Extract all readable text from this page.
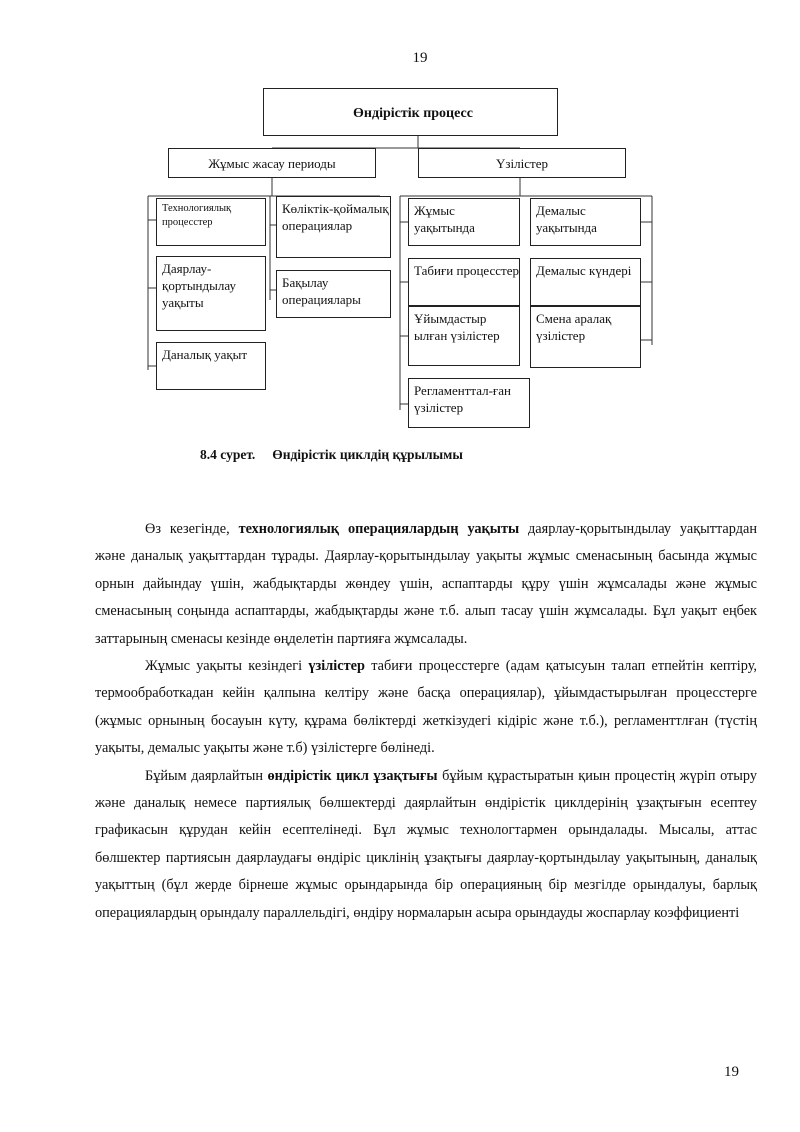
19
Өндірістік процесс
Жұмыс жасау периоды	Үзілістер
Технологиялық процесстер
Даярлау-қортындылау уақыты
Даналық уақыт
Көліктік-қоймалық операциялар
Бақылау операциялары
Жұмыс уақытында
Табиғи процесстер
Ұйымдастыр ылған үзілістер
Регламенттал-ған үзілістер
Демалыс уақытында
Демалыс күндері
Смена аралақ үзілістер
8.4 сурет. Өндірістік циклдің құрылымы

Өз кезегінде, технологиялық операциялардың уақыты даярлау-қорытындылау уақыттардан және даналық уақыттардан тұрады. Даярлау-қорытындылау уақыты жұмыс сменасының басында жұмыс орнын дайындау үшін, жабдықтарды жөндеу үшін, аспаптарды құру үшін жұмсалады және жұмыс сменасының соңында аспаптарды, жабдықтарды және т.б. алып тасау үшін жұмсалады. Бұл уақыт еңбек заттарының сменасы кезінде өңделетін партияға жұмсалады.

Жұмыс уақыты кезіндегі үзілістер табиғи процесстерге (адам қатысуын талап етпейтін кептіру, термообработкадан кейін қалпына келтіру және басқа операциялар), ұйымдастырылған процесстерге (жұмыс орнының босауын күту, құрама бөліктерді жеткізудегі кідіріс және т.б.), регламенттлған (түстің уақыты, демалыс уақыты және т.б) үзілістерге бөлінеді.

Бұйым даярлайтын өндірістік цикл ұзақтығы бұйым құрастыратын қиын процестің жүріп отыру және даналық немесе партиялық бөлшектерді даярлайтын өндірістік циклдерінің ұзақтығын есептеу графикасын құрудан кейін есептелінеді. Бұл жұмыс технологтармен орындалады. Мысалы, аттас бөлшектер партиясын даярлаудағы өндіріс циклінің ұзақтығы даярлау-қортындылау уақытының, даналық уақыттың (бұл жерде бірнеше жұмыс орындарында бір операцияның бір мезгілде орындалуы, барлық операциялардың орындалу параллельдігі, өндіру нормаларын асыра орындауды жоспарлау коэффициенті

19
